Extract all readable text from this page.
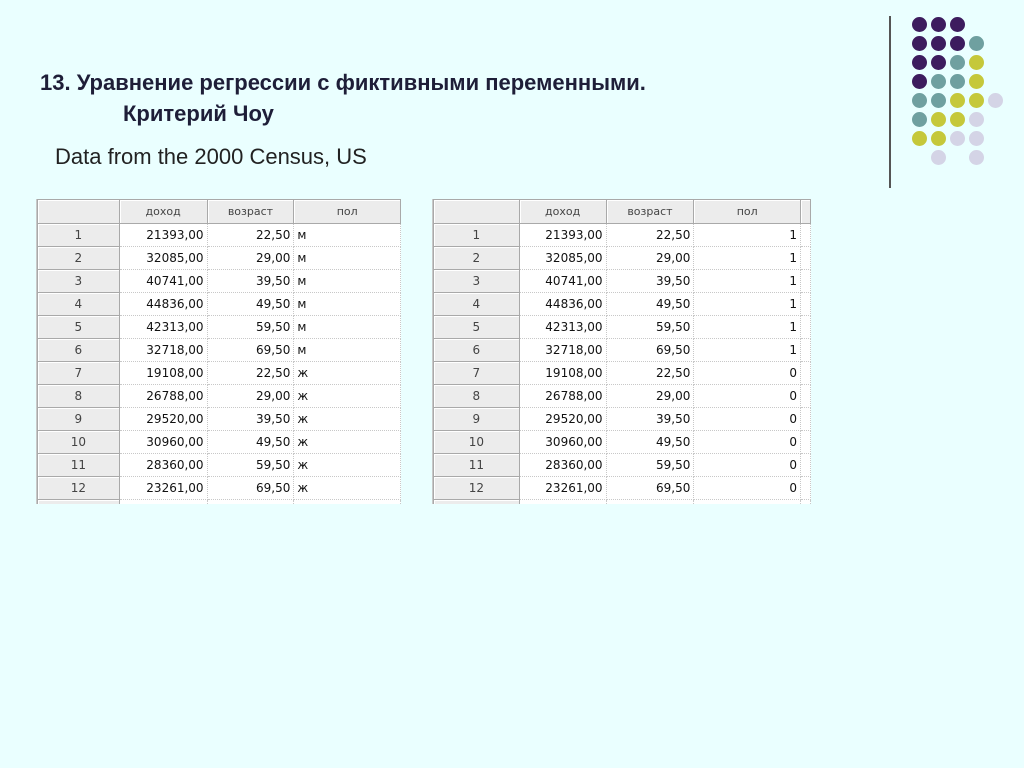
13. Уравнение регрессии с фиктивными переменными.
Критерий Чоу
Data from the 2000 Census, US
	доход	возраст	пол
1	21393,00	22,50	м
2	32085,00	29,00	м
3	40741,00	39,50	м
4	44836,00	49,50	м
5	42313,00	59,50	м
6	32718,00	69,50	м
7	19108,00	22,50	ж
8	26788,00	29,00	ж
9	29520,00	39,50	ж
10	30960,00	49,50	ж
11	28360,00	59,50	ж
12	23261,00	69,50	ж

	доход	возраст	пол	
1	21393,00	22,50	1	
2	32085,00	29,00	1	
3	40741,00	39,50	1	
4	44836,00	49,50	1	
5	42313,00	59,50	1	
6	32718,00	69,50	1	
7	19108,00	22,50	0	
8	26788,00	29,00	0	
9	29520,00	39,50	0	
10	30960,00	49,50	0	
11	28360,00	59,50	0	
12	23261,00	69,50	0	
